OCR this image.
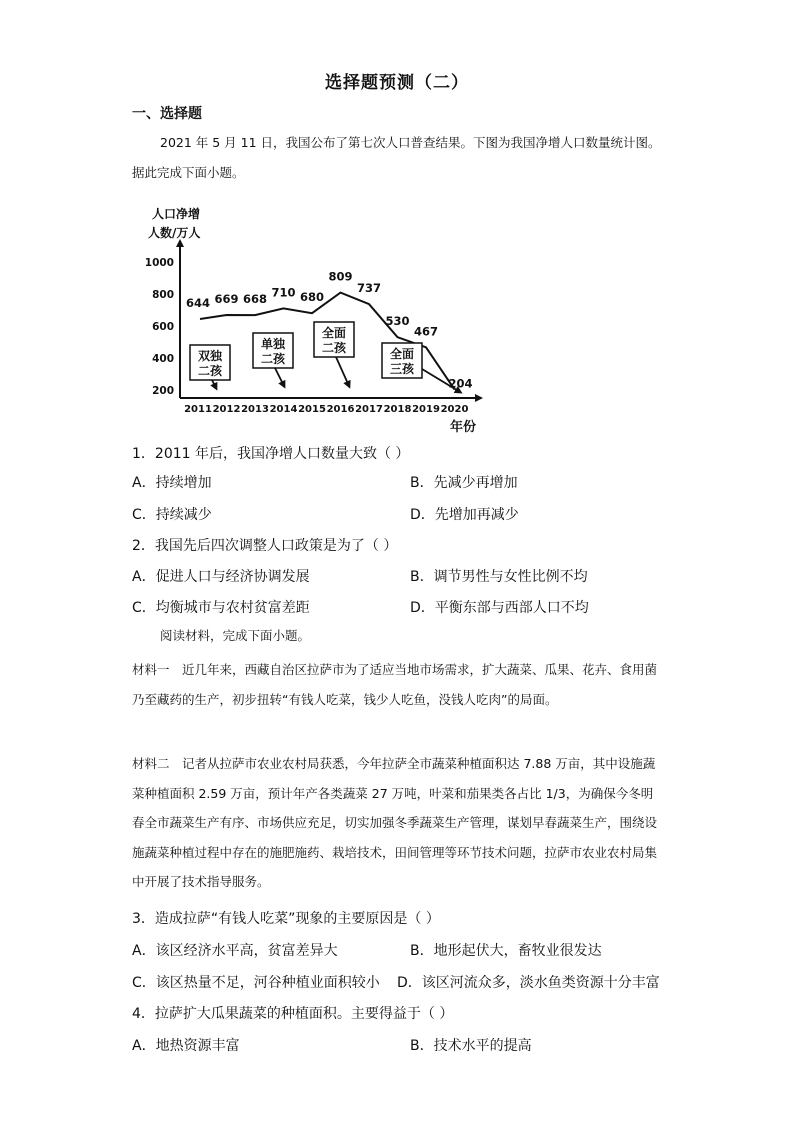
选择题预测（二）
一、选择题
2021 年 5 月 11 日，我国公布了第七次人口普查结果。下图为我国净增人口数量统计图。据此完成下面小题。
人口净增
人数/万人
200
400
600
800
1000
2011 2012 2013 2014 2015 2016 2017 2018 2019 2020
644 669 668 710 680
809
737
530
467
204
双独
二孩
单独
二孩
全面
二孩	全面
三孩
年份
1．2011 年后，我国净增人口数量大致（ ）
A．持续增加	B．先减少再增加
C．持续减少	D．先增加再减少
2．我国先后四次调整人口政策是为了（ ）
A．促进人口与经济协调发展	B．调节男性与女性比例不均
C．均衡城市与农村贫富差距	D．平衡东部与西部人口不均
阅读材料，完成下面小题。
材料一　近几年来，西藏自治区拉萨市为了适应当地市场需求，扩大蔬菜、瓜果、花卉、食用菌乃至藏药的生产，初步扭转“有钱人吃菜，钱少人吃鱼，没钱人吃肉”的局面。
材料二　记者从拉萨市农业农村局获悉，今年拉萨全市蔬菜种植面积达 7.88 万亩，其中设施蔬菜种植面积 2.59 万亩，预计年产各类蔬菜 27 万吨，叶菜和茄果类各占比 1/3，为确保今冬明春全市蔬菜生产有序、市场供应充足，切实加强冬季蔬菜生产管理，谋划早春蔬菜生产，围绕设施蔬菜种植过程中存在的施肥施药、栽培技术，田间管理等环节技术问题，拉萨市农业农村局集中开展了技术指导服务。
3．造成拉萨“有钱人吃菜”现象的主要原因是（ ）
A．该区经济水平高，贫富差异大	B．地形起伏大，畜牧业很发达
C．该区热量不足，河谷种植业面积较小 D．该区河流众多，淡水鱼类资源十分丰富
4．拉萨扩大瓜果蔬菜的种植面积。主要得益于（ ）
A．地热资源丰富	B．技术水平的提高
